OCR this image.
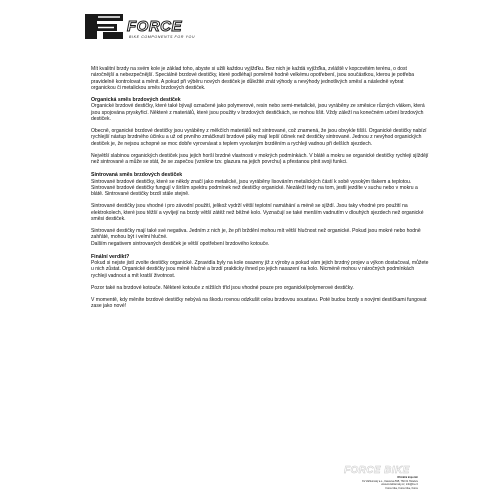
FORCE
BIKE COMPONENTS FOR YOU

Mít kvalitní brzdy na svém kole je základ toho, abyste si užili každou vyjížďku. Bez nich je každá vyjížďka, zvláště v kopcovitém terénu, o dost náročnější a nebezpečnější. Speciálně brzdové destičky, které podléhají poměrně hodně velkému opotřebení, jsou součástkou, kterou je potřeba pravidelně kontrolovat a měnit. A pokud při výběru nových destiček je důležité znát výhody a nevýhody jednotlivých směsí a následně vybrat organickou či metalickou směs brzdových destiček.

Organická směs brzdových destiček

Organické brzdové destičky, které také bývají označené jako polymerové, resin nebo semi-metalické, jsou vyráběny ze směsice různých vláken, která jsou spojována pryskyřicí. Některé z materiálů, které jsou použity v brzdových destičkách, se mohou lišit. Vždy záleží na konečném určení brzdových destiček.

Obecně, organické brzdové destičky jsou vyráběny z měkčích materiálů než sintrované, což znamená, že jsou obvykle tišší. Organické destičky nabízí rychlejší nástup brzdného účinku a už od prvního zmáčknutí brzdové páky mají lepší účinek než destičky sintrované. Jednou z nevýhod organických destiček je, že nejsou schopné se moc dobře vyrovnávat s teplem vyvolaným brzděním a rychleji vadnou při delších sjezdech.

Největší slabinou organických destiček jsou jejich horší brzdné vlastnosti v mokrých podmínkách. V blátě a mokru se organické destičky rychleji sjíždějí než sintrované a může se stát, že se zapečou (vznikne tzv. glazura na jejich povrchu) a přestanou plnit svoji funkci.

Sintrovaná směs brzdových destiček

Sintrované brzdové destičky, které se někdy značí jako metalické, jsou vyráběny lisováním metalických částí k sobě vysokým tlakem a teplotou. Sintrované brzdové destičky fungují v širším spektru podmínek než destičky organické. Nezáleží tedy na tom, jestli jezdíte v suchu nebo v mokru a blátě. Sintrované destičky brzdí stále stejně.

Sintrované destičky jsou vhodné i pro závodní použití, jelikož vydrží větší teplotní namáhání a méně se sjíždí. Jsou taky vhodné pro použití na elektrokolech, které jsou těžší a vyvíjejí na brzdy větší zátěž než běžné kolo. Vyznačují se také menším vadnutím v dlouhých sjezdech než organické směsi destiček.

Sintrované destičky mají také své negativa. Jedním z nich je, že při brždění mohou mít větší hlučnost než organické. Pokud jsou mokré nebo hodně zahřáté, mohou být i velmi hlučné.

Dalším negativem sintrovaných destiček je větší opotřebení brzdového kotouče.

Finální verdikt?

Pokud si nejste jistí zvolte destičky organické. Zpravidla byly na kole osazeny již z výroby a pokud vám jejich brzdný projev a výkon dostačoval, můžete u nich zůstat. Organické destičky jsou méně hlučné a brzdí prakticky ihned po jejich nasazení na kolo. Nicméně mohou v náročných podmínkách rychleji vadnout a mít kratší životnost.

Pozor také na brzdové kotouče. Některé kotouče z nižších tříd jsou vhodné pouze pro organické/polymerové destičky.

V momentě, kdy měníte brzdové destičky nebývá na škodu rovnou odzkušit celou brzdovou soustavu. Poté budou brzdy s novými destičkami fungovat zase jako nové!

FORCE BIKE
Oficiální importér
KV Záhlumský a.s., Karetova 595, 760 01 Holešov
www.kvzahlumsky.cz, info@kv.cz
Force bike, Force bike, Force
